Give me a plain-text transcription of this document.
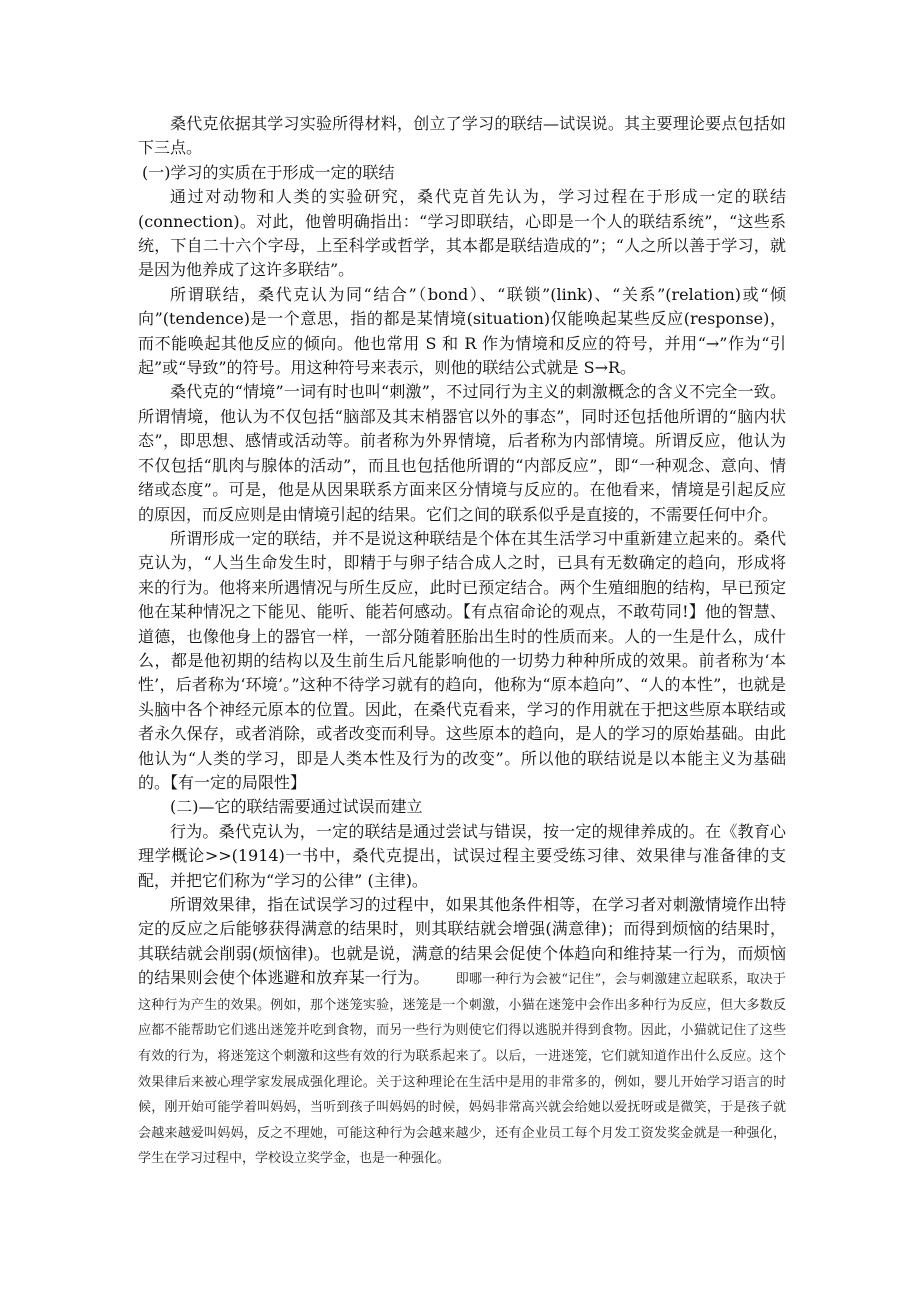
桑代克依据其学习实验所得材料，创立了学习的联结—试误说。其主要理论要点包括如下三点。

(一)学习的实质在于形成一定的联结

通过对动物和人类的实验研究，桑代克首先认为，学习过程在于形成一定的联结(connection)。对此，他曾明确指出：“学习即联结，心即是一个人的联结系统”，“这些系统，下自二十六个字母，上至科学或哲学，其本都是联结造成的”；“人之所以善于学习，就是因为他养成了这许多联结”。

所谓联结，桑代克认为同“结合”（bond）、“联锁”(link)、“关系”(relation)或“倾向”(tendence)是一个意思，指的都是某情境(situation)仅能唤起某些反应(response)，而不能唤起其他反应的倾向。他也常用 S 和 R 作为情境和反应的符号，并用“→”作为“引起”或“导致”的符号。用这种符号来表示，则他的联结公式就是 S→R。

桑代克的“情境”一词有时也叫“刺激”，不过同行为主义的刺激概念的含义不完全一致。所谓情境，他认为不仅包括“脑部及其末梢器官以外的事态”，同时还包括他所谓的“脑内状态”，即思想、感情或活动等。前者称为外界情境，后者称为内部情境。所谓反应，他认为不仅包括“肌肉与腺体的活动”，而且也包括他所谓的“内部反应”，即“一种观念、意向、情绪或态度”。可是，他是从因果联系方面来区分情境与反应的。在他看来，情境是引起反应的原因，而反应则是由情境引起的结果。它们之间的联系似乎是直接的，不需要任何中介。

所谓形成一定的联结，并不是说这种联结是个体在其生活学习中重新建立起来的。桑代克认为，“人当生命发生时，即精于与卵子结合成人之时，已具有无数确定的趋向，形成将来的行为。他将来所遇情况与所生反应，此时已预定结合。两个生殖细胞的结构，早已预定他在某种情况之下能见、能听、能若何感动。【有点宿命论的观点，不敢苟同!】他的智慧、道德，也像他身上的器官一样，一部分随着胚胎出生时的性质而来。人的一生是什么，成什么，都是他初期的结构以及生前生后凡能影响他的一切势力种种所成的效果。前者称为‘本性’，后者称为‘环境’。”这种不待学习就有的趋向，他称为“原本趋向”、“人的本性”，也就是头脑中各个神经元原本的位置。因此，在桑代克看来，学习的作用就在于把这些原本联结或者永久保存，或者消除，或者改变而利导。这些原本的趋向，是人的学习的原始基础。由此他认为“人类的学习，即是人类本性及行为的改变”。所以他的联结说是以本能主义为基础的。【有一定的局限性】

(二)—它的联结需要通过试误而建立

行为。桑代克认为，一定的联结是通过尝试与错误，按一定的规律养成的。在《教育心理学概论>>(1914)一书中，桑代克提出，试误过程主要受练习律、效果律与准备律的支配，并把它们称为“学习的公律” (主律)。

所谓效果律，指在试误学习的过程中，如果其他条件相等，在学习者对刺激情境作出特定的反应之后能够获得满意的结果时，则其联结就会增强(满意律)；而得到烦恼的结果时，其联结就会削弱(烦恼律)。也就是说，满意的结果会促使个体趋向和维持某一行为，而烦恼的结果则会使个体逃避和放弃某一行为。 即哪一种行为会被“记住”，会与刺激建立起联系，取决于这种行为产生的效果。例如，那个迷笼实验，迷笼是一个刺激，小猫在迷笼中会作出多种行为反应，但大多数反应都不能帮助它们逃出迷笼并吃到食物，而另一些行为则使它们得以逃脱并得到食物。因此，小猫就记住了这些有效的行为，将迷笼这个刺激和这些有效的行为联系起来了。以后，一进迷笼，它们就知道作出什么反应。这个效果律后来被心理学家发展成强化理论。关于这种理论在生活中是用的非常多的，例如，婴儿开始学习语言的时候，刚开始可能学着叫妈妈，当听到孩子叫妈妈的时候，妈妈非常高兴就会给她以爱抚呀或是微笑，于是孩子就会越来越爱叫妈妈，反之不理她，可能这种行为会越来越少，还有企业员工每个月发工资发奖金就是一种强化，学生在学习过程中，学校设立奖学金，也是一种强化。
